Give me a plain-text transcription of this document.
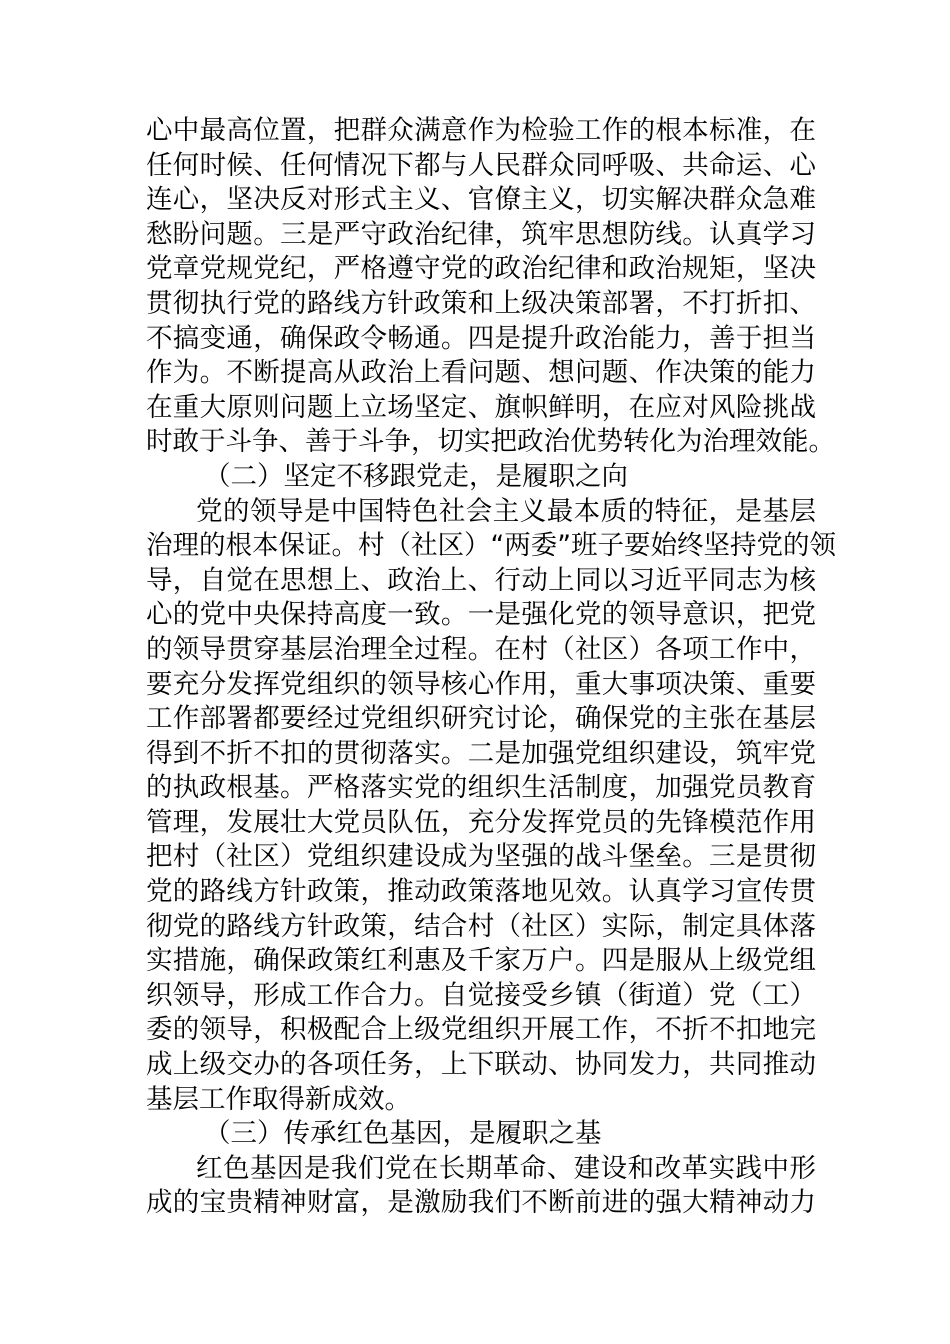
心中最高位置，把群众满意作为检验工作的根本标准，在
任何时候、任何情况下都与人民群众同呼吸、共命运、心
连心，坚决反对形式主义、官僚主义，切实解决群众急难
愁盼问题。三是严守政治纪律，筑牢思想防线。认真学习
党章党规党纪，严格遵守党的政治纪律和政治规矩，坚决
贯彻执行党的路线方针政策和上级决策部署，不打折扣、
不搞变通，确保政令畅通。四是提升政治能力，善于担当
作为。不断提高从政治上看问题、想问题、作决策的能力
在重大原则问题上立场坚定、旗帜鲜明，在应对风险挑战
时敢于斗争、善于斗争，切实把政治优势转化为治理效能。
（二）坚定不移跟党走，是履职之向
党的领导是中国特色社会主义最本质的特征，是基层
治理的根本保证。村（社区）“两委”班子要始终坚持党的领
导，自觉在思想上、政治上、行动上同以习近平同志为核
心的党中央保持高度一致。一是强化党的领导意识，把党
的领导贯穿基层治理全过程。在村（社区）各项工作中，
要充分发挥党组织的领导核心作用，重大事项决策、重要
工作部署都要经过党组织研究讨论，确保党的主张在基层
得到不折不扣的贯彻落实。二是加强党组织建设，筑牢党
的执政根基。严格落实党的组织生活制度，加强党员教育
管理，发展壮大党员队伍，充分发挥党员的先锋模范作用
把村（社区）党组织建设成为坚强的战斗堡垒。三是贯彻
党的路线方针政策，推动政策落地见效。认真学习宣传贯
彻党的路线方针政策，结合村（社区）实际，制定具体落
实措施，确保政策红利惠及千家万户。四是服从上级党组
织领导，形成工作合力。自觉接受乡镇（街道）党（工）
委的领导，积极配合上级党组织开展工作，不折不扣地完
成上级交办的各项任务，上下联动、协同发力，共同推动
基层工作取得新成效。
（三）传承红色基因，是履职之基
红色基因是我们党在长期革命、建设和改革实践中形
成的宝贵精神财富，是激励我们不断前进的强大精神动力
